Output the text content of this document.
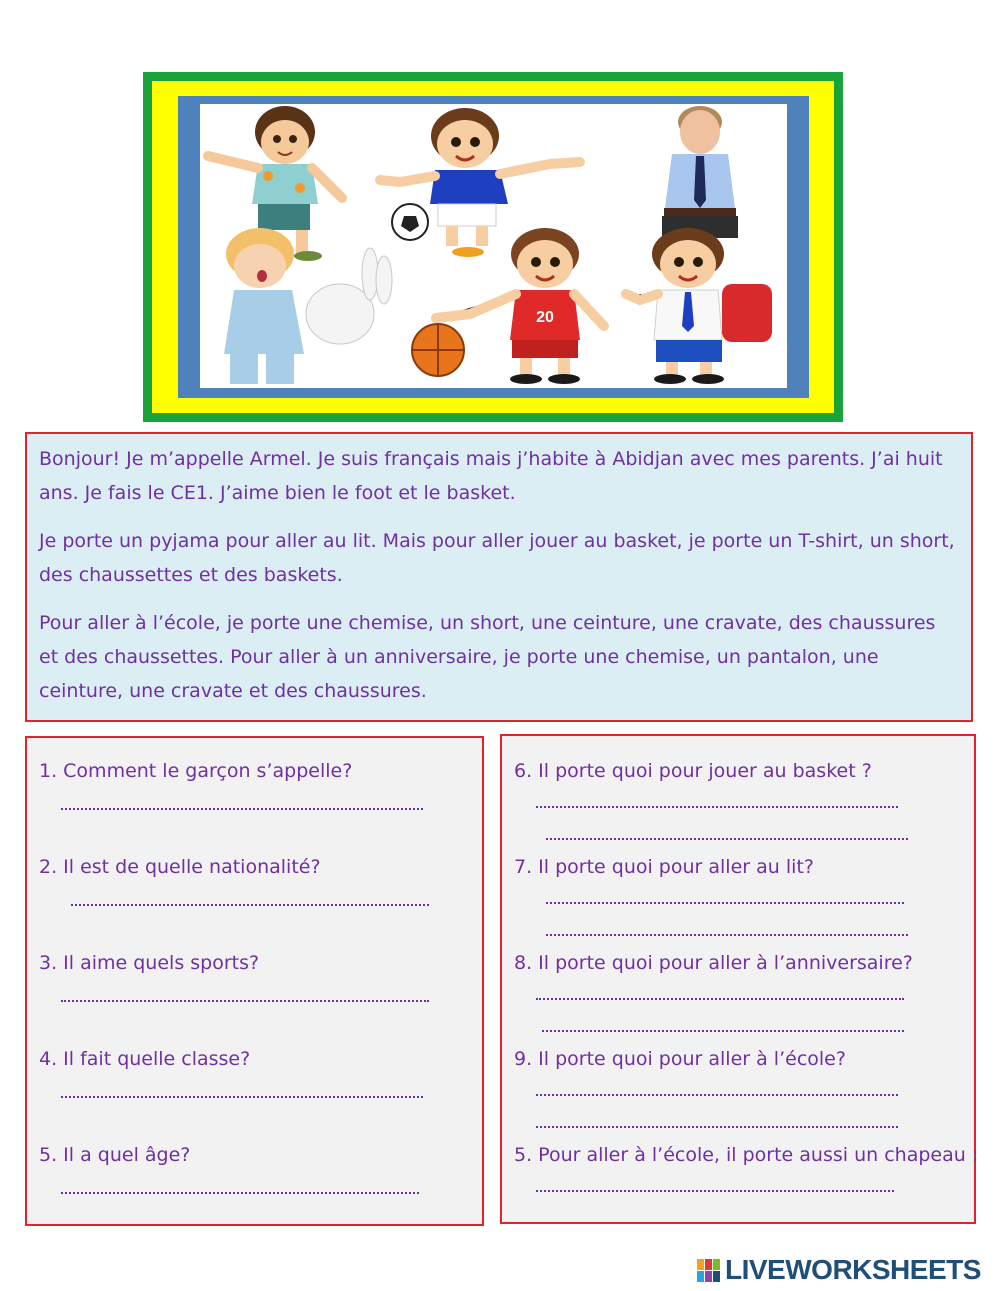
20

Bonjour! Je m’appelle Armel. Je suis français mais j’habite à Abidjan avec mes parents. J’ai huit ans. Je fais le CE1. J’aime bien le foot et le basket.

Je porte un pyjama pour aller au lit. Mais pour aller jouer au basket, je porte un T-shirt, un short, des chaussettes et des baskets.

Pour aller à l’école, je porte une chemise, un short, une ceinture, une cravate, des chaussures et des chaussettes. Pour aller à un anniversaire, je porte une chemise, un pantalon, une ceinture, une cravate et des chaussures.

1. Comment le garçon s’appelle?
2. Il est de quelle nationalité?
3. Il aime quels sports?
4. Il fait quelle classe?
5. Il a quel âge?
6. Il porte quoi pour jouer au basket ?
7. Il porte quoi pour aller au lit?
8. Il porte quoi pour aller à l’anniversaire?
9. Il porte quoi pour aller à l’école?
5. Pour aller à l’école, il porte aussi un chapeau :
LIVEWORKSHEETS
